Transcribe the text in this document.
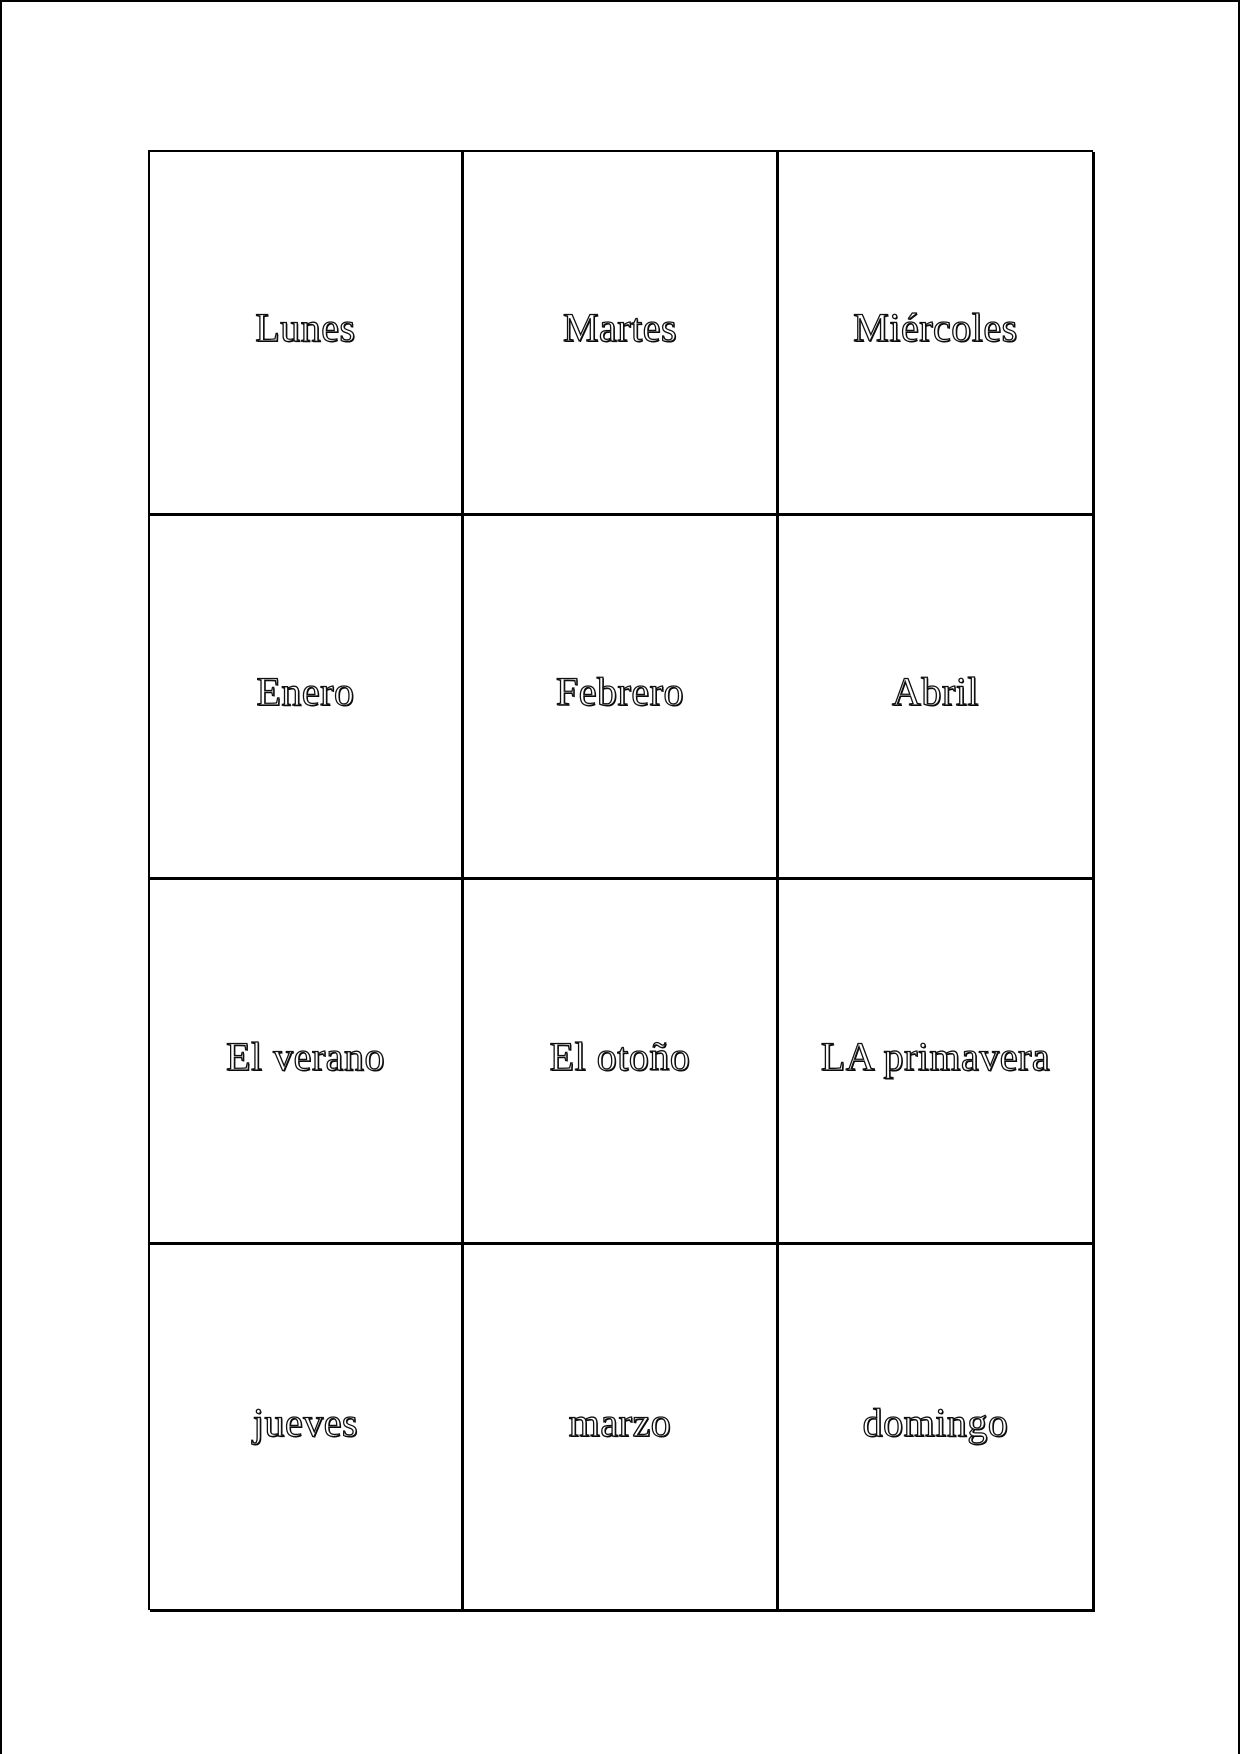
Lunes	Martes	Miércoles
Enero	Febrero	Abril
El verano	El otoño	LA primavera
jueves	marzo	domingo
